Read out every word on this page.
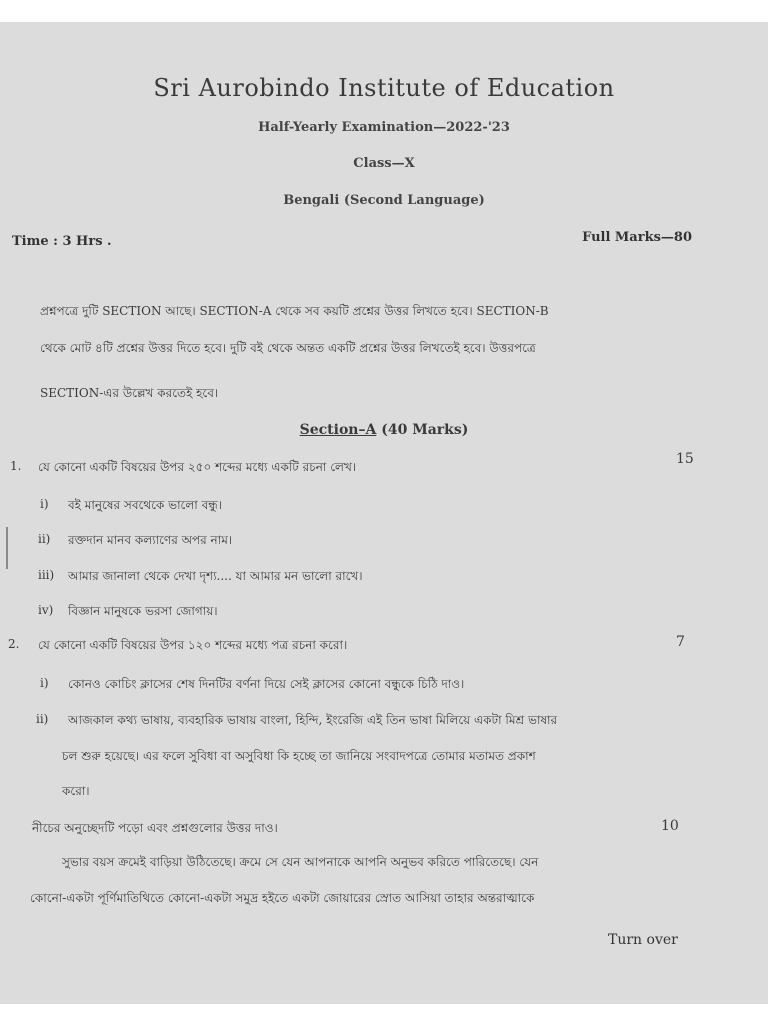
Sri Aurobindo Institute of Education
Half-Yearly Examination—2022-'23
Class—X
Bengali (Second Language)
Time : 3 Hrs .	Full Marks—80
প্রশ্নপত্রে দুটি SECTION আছে। SECTION-A থেকে সব কয়টি প্রশ্নের উত্তর লিখতে হবে। SECTION-B
থেকে মোট ৪টি প্রশ্নের উত্তর দিতে হবে। দুটি বই থেকে অন্তত একটি প্রশ্নের উত্তর লিখতেই হবে। উত্তরপত্রে
SECTION-এর উল্লেখ করতেই হবে।
Section–A (40 Marks)
1. যে কোনো একটি বিষয়ের উপর ২৫০ শব্দের মধ্যে একটি রচনা লেখ।	15
i) বই মানুষের সবথেকে ভালো বন্ধু।
ii) রক্তদান মানব কল্যাণের অপর নাম।
iii) আমার জানালা থেকে দেখা দৃশ্য.... যা আমার মন ভালো রাখে।
iv) বিজ্ঞান মানুষকে ভরসা জোগায়।
2. যে কোনো একটি বিষয়ের উপর ১২০ শব্দের মধ্যে পত্র রচনা করো।	7
i) কোনও কোচিং ক্লাসের শেষ দিনটির বর্ণনা দিয়ে সেই ক্লাসের কোনো বন্ধুকে চিঠি দাও।
ii) আজকাল কথ্য ভাষায়, ব্যবহারিক ভাষায় বাংলা, হিন্দি, ইংরেজি এই তিন ভাষা মিলিয়ে একটা মিশ্র ভাষার
চল শুরু হয়েছে। এর ফলে সুবিধা বা অসুবিধা কি হচ্ছে তা জানিয়ে সংবাদপত্রে তোমার মতামত প্রকাশ
করো।
নীচের অনুচ্ছেদটি পড়ো এবং প্রশ্নগুলোর উত্তর দাও।	10
সুভার বয়স ক্রমেই বাড়িয়া উঠিতেছে। ক্রমে সে যেন আপনাকে আপনি অনুভব করিতে পারিতেছে। যেন
কোনো-একটা পূর্ণিমাতিথিতে কোনো-একটা সমুদ্র হইতে একটা জোয়ারের স্রোত আসিয়া তাহার অন্তরাত্মাকে
Turn over
